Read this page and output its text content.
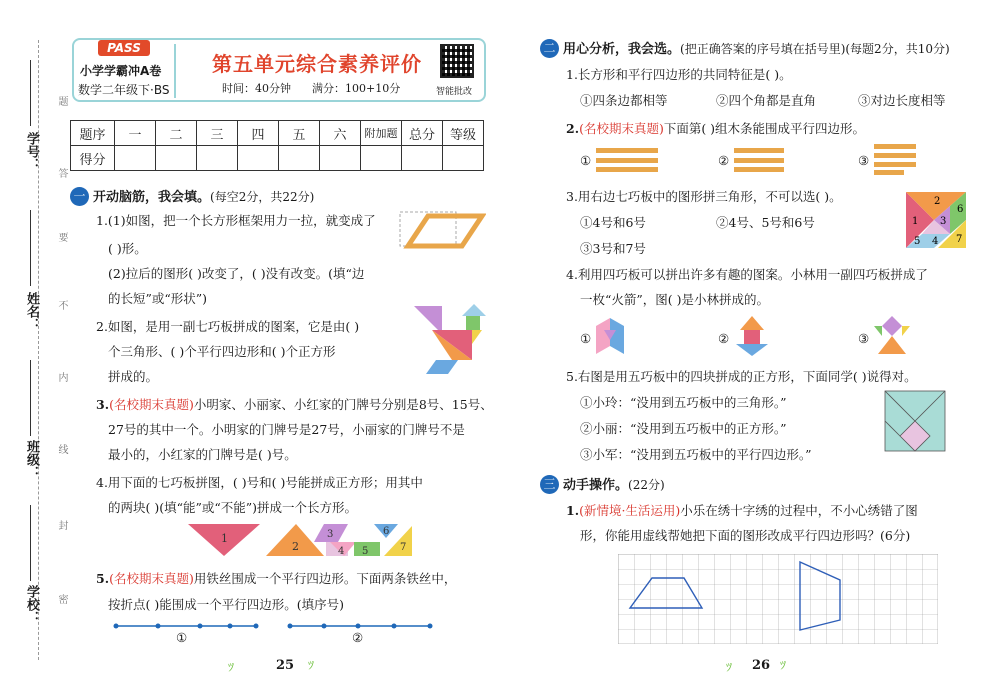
学号：
姓名：
班级：
学校：
题
答
要
不
内
线
封
密
PASS
小学学霸冲A卷
数学二年级下·BS
第五单元综合素养评价
时间：40分钟 满分：100+10分	智能批改
题序	一	二	三	四	五	六	附加题	总分	等级
得分									
一 开动脑筋，我会填。(每空2分，共22分)
1.(1)如图，把一个长方形框架用力一拉，就变成了
( )形。
(2)拉后的图形( )改变了，( )没有改变。(填“边
的长短”或“形状”)
2.如图，是用一副七巧板拼成的图案，它是由( )
个三角形、( )个平行四边形和( )个正方形
拼成的。
3.(名校期末真题)小明家、小丽家、小红家的门牌号分别是8号、15号、
27号的其中一个。小明家的门牌号是27号，小丽家的门牌号不是
最小的，小红家的门牌号是( )号。
4.用下面的七巧板拼图，( )号和( )号能拼成正方形；用其中
的两块( )(填“能”或“不能”)拼成一个长方形。
1
2
3
4 5
6
7
5.(名校期末真题)用铁丝围成一个平行四边形。下面两条铁丝中，
按折点( )能围成一个平行四边形。(填序号)
①	②
ﾂ	25 ﾂ
二 用心分析，我会选。(把正确答案的序号填在括号里)(每题2分，共10分)
1.长方形和平行四边形的共同特征是( )。
①四条边都相等	②四个角都是直角	③对边长度相等
2.(名校期末真题)下面第( )组木条能围成平行四边形。
①	②	③
3.用右边七巧板中的图形拼三角形，不可以选( )。
①4号和6号	②4号、5号和6号
③3号和7号
1
2
3
4
5
6
7
4.利用四巧板可以拼出许多有趣的图案。小林用一副四巧板拼成了
一枚“火箭”，图( )是小林拼成的。
①	②	③
5.右图是用五巧板中的四块拼成的正方形，下面同学( )说得对。
①小玲：“没用到五巧板中的三角形。”
②小丽：“没用到五巧板中的正方形。”
③小军：“没用到五巧板中的平行四边形。”
三 动手操作。(22分)
1.(新情境·生活运用)小乐在绣十字绣的过程中，不小心绣错了图
形，你能用虚线帮她把下面的图形改成平行四边形吗？(6分)
ﾂ 26 ﾂ
